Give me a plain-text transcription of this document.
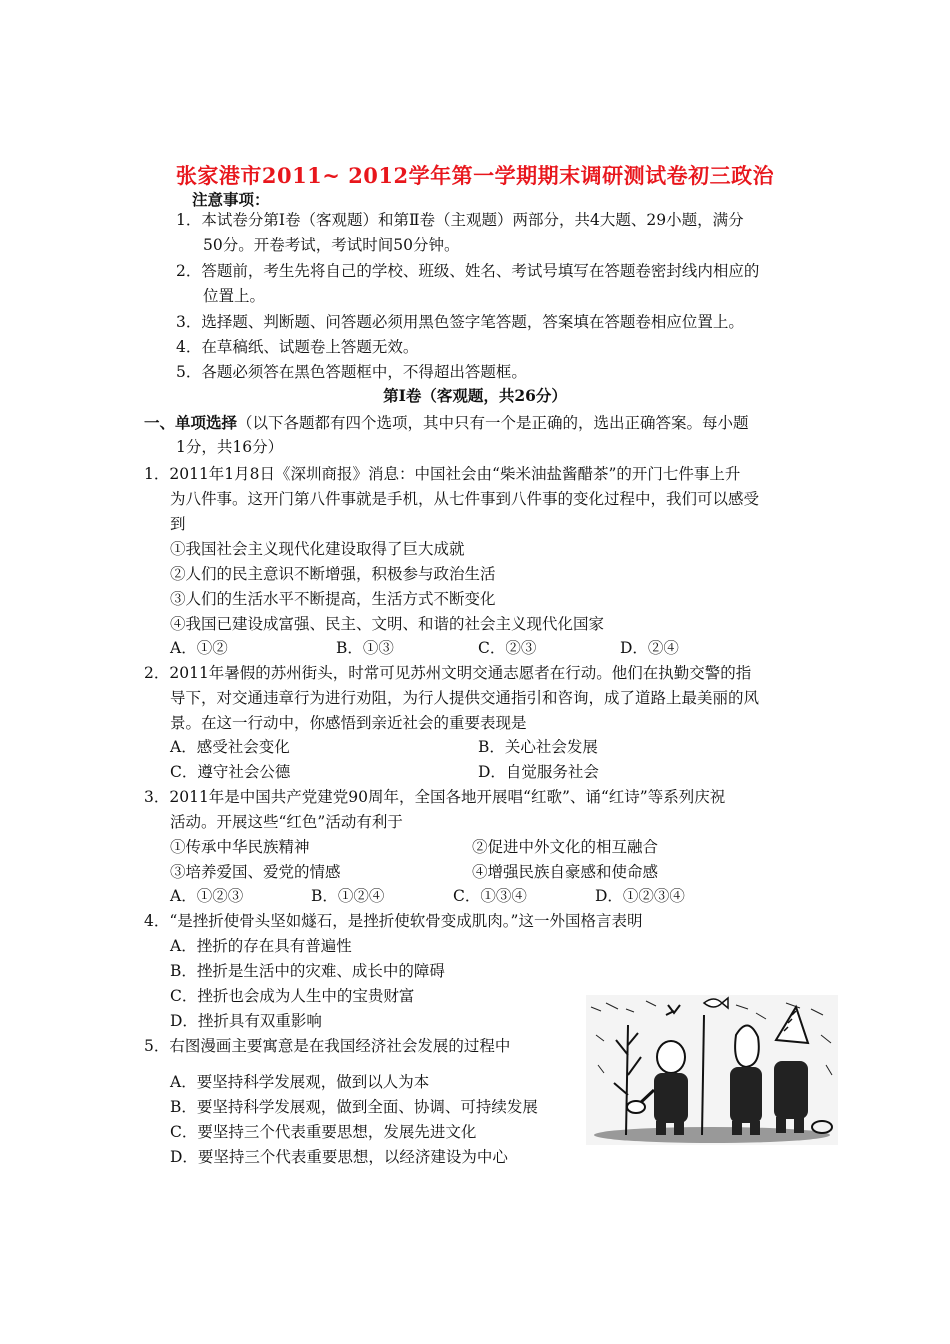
张家港市2011~ 2012学年第一学期期末调研测试卷初三政治
注意事项：
1．本试卷分第Ⅰ卷（客观题）和第Ⅱ卷（主观题）两部分，共4大题、29小题，满分
50分。开卷考试，考试时间50分钟。
2．答题前，考生先将自己的学校、班级、姓名、考试号填写在答题卷密封线内相应的
位置上。
3．选择题、判断题、问答题必须用黑色签字笔答题，答案填在答题卷相应位置上。
4．在草稿纸、试题卷上答题无效。
5．各题必须答在黑色答题框中，不得超出答题框。
第Ⅰ卷（客观题，共26分）
一、单项选择（以下各题都有四个选项，其中只有一个是正确的，选出正确答案。每小题
1分，共16分）
1．2011年1月8日《深圳商报》消息：中国社会由“柴米油盐酱醋茶”的开门七件事上升
为八件事。这开门第八件事就是手机，从七件事到八件事的变化过程中，我们可以感受
到
①我国社会主义现代化建设取得了巨大成就
②人们的民主意识不断增强，积极参与政治生活
③人们的生活水平不断提高，生活方式不断变化
④我国已建设成富强、民主、文明、和谐的社会主义现代化国家
A．①②	B．①③	C．②③	D．②④
2．2011年暑假的苏州街头，时常可见苏州文明交通志愿者在行动。他们在执勤交警的指
导下，对交通违章行为进行劝阻，为行人提供交通指引和咨询，成了道路上最美丽的风
景。在这一行动中，你感悟到亲近社会的重要表现是
A．感受社会变化	B．关心社会发展
C．遵守社会公德	D．自觉服务社会
3．2011年是中国共产党建党90周年，全国各地开展唱“红歌”、诵“红诗”等系列庆祝
活动。开展这些“红色”活动有利于
①传承中华民族精神	②促进中外文化的相互融合
③培养爱国、爱党的情感	④增强民族自豪感和使命感
A．①②③	B．①②④	C．①③④	D．①②③④
4．“是挫折使骨头坚如燧石，是挫折使软骨变成肌肉。”这一外国格言表明
A．挫折的存在具有普遍性
B．挫折是生活中的灾难、成长中的障碍
C．挫折也会成为人生中的宝贵财富
D．挫折具有双重影响
5．右图漫画主要寓意是在我国经济社会发展的过程中
A．要坚持科学发展观，做到以人为本
B．要坚持科学发展观，做到全面、协调、可持续发展
C．要坚持三个代表重要思想，发展先进文化
D．要坚持三个代表重要思想，以经济建设为中心
